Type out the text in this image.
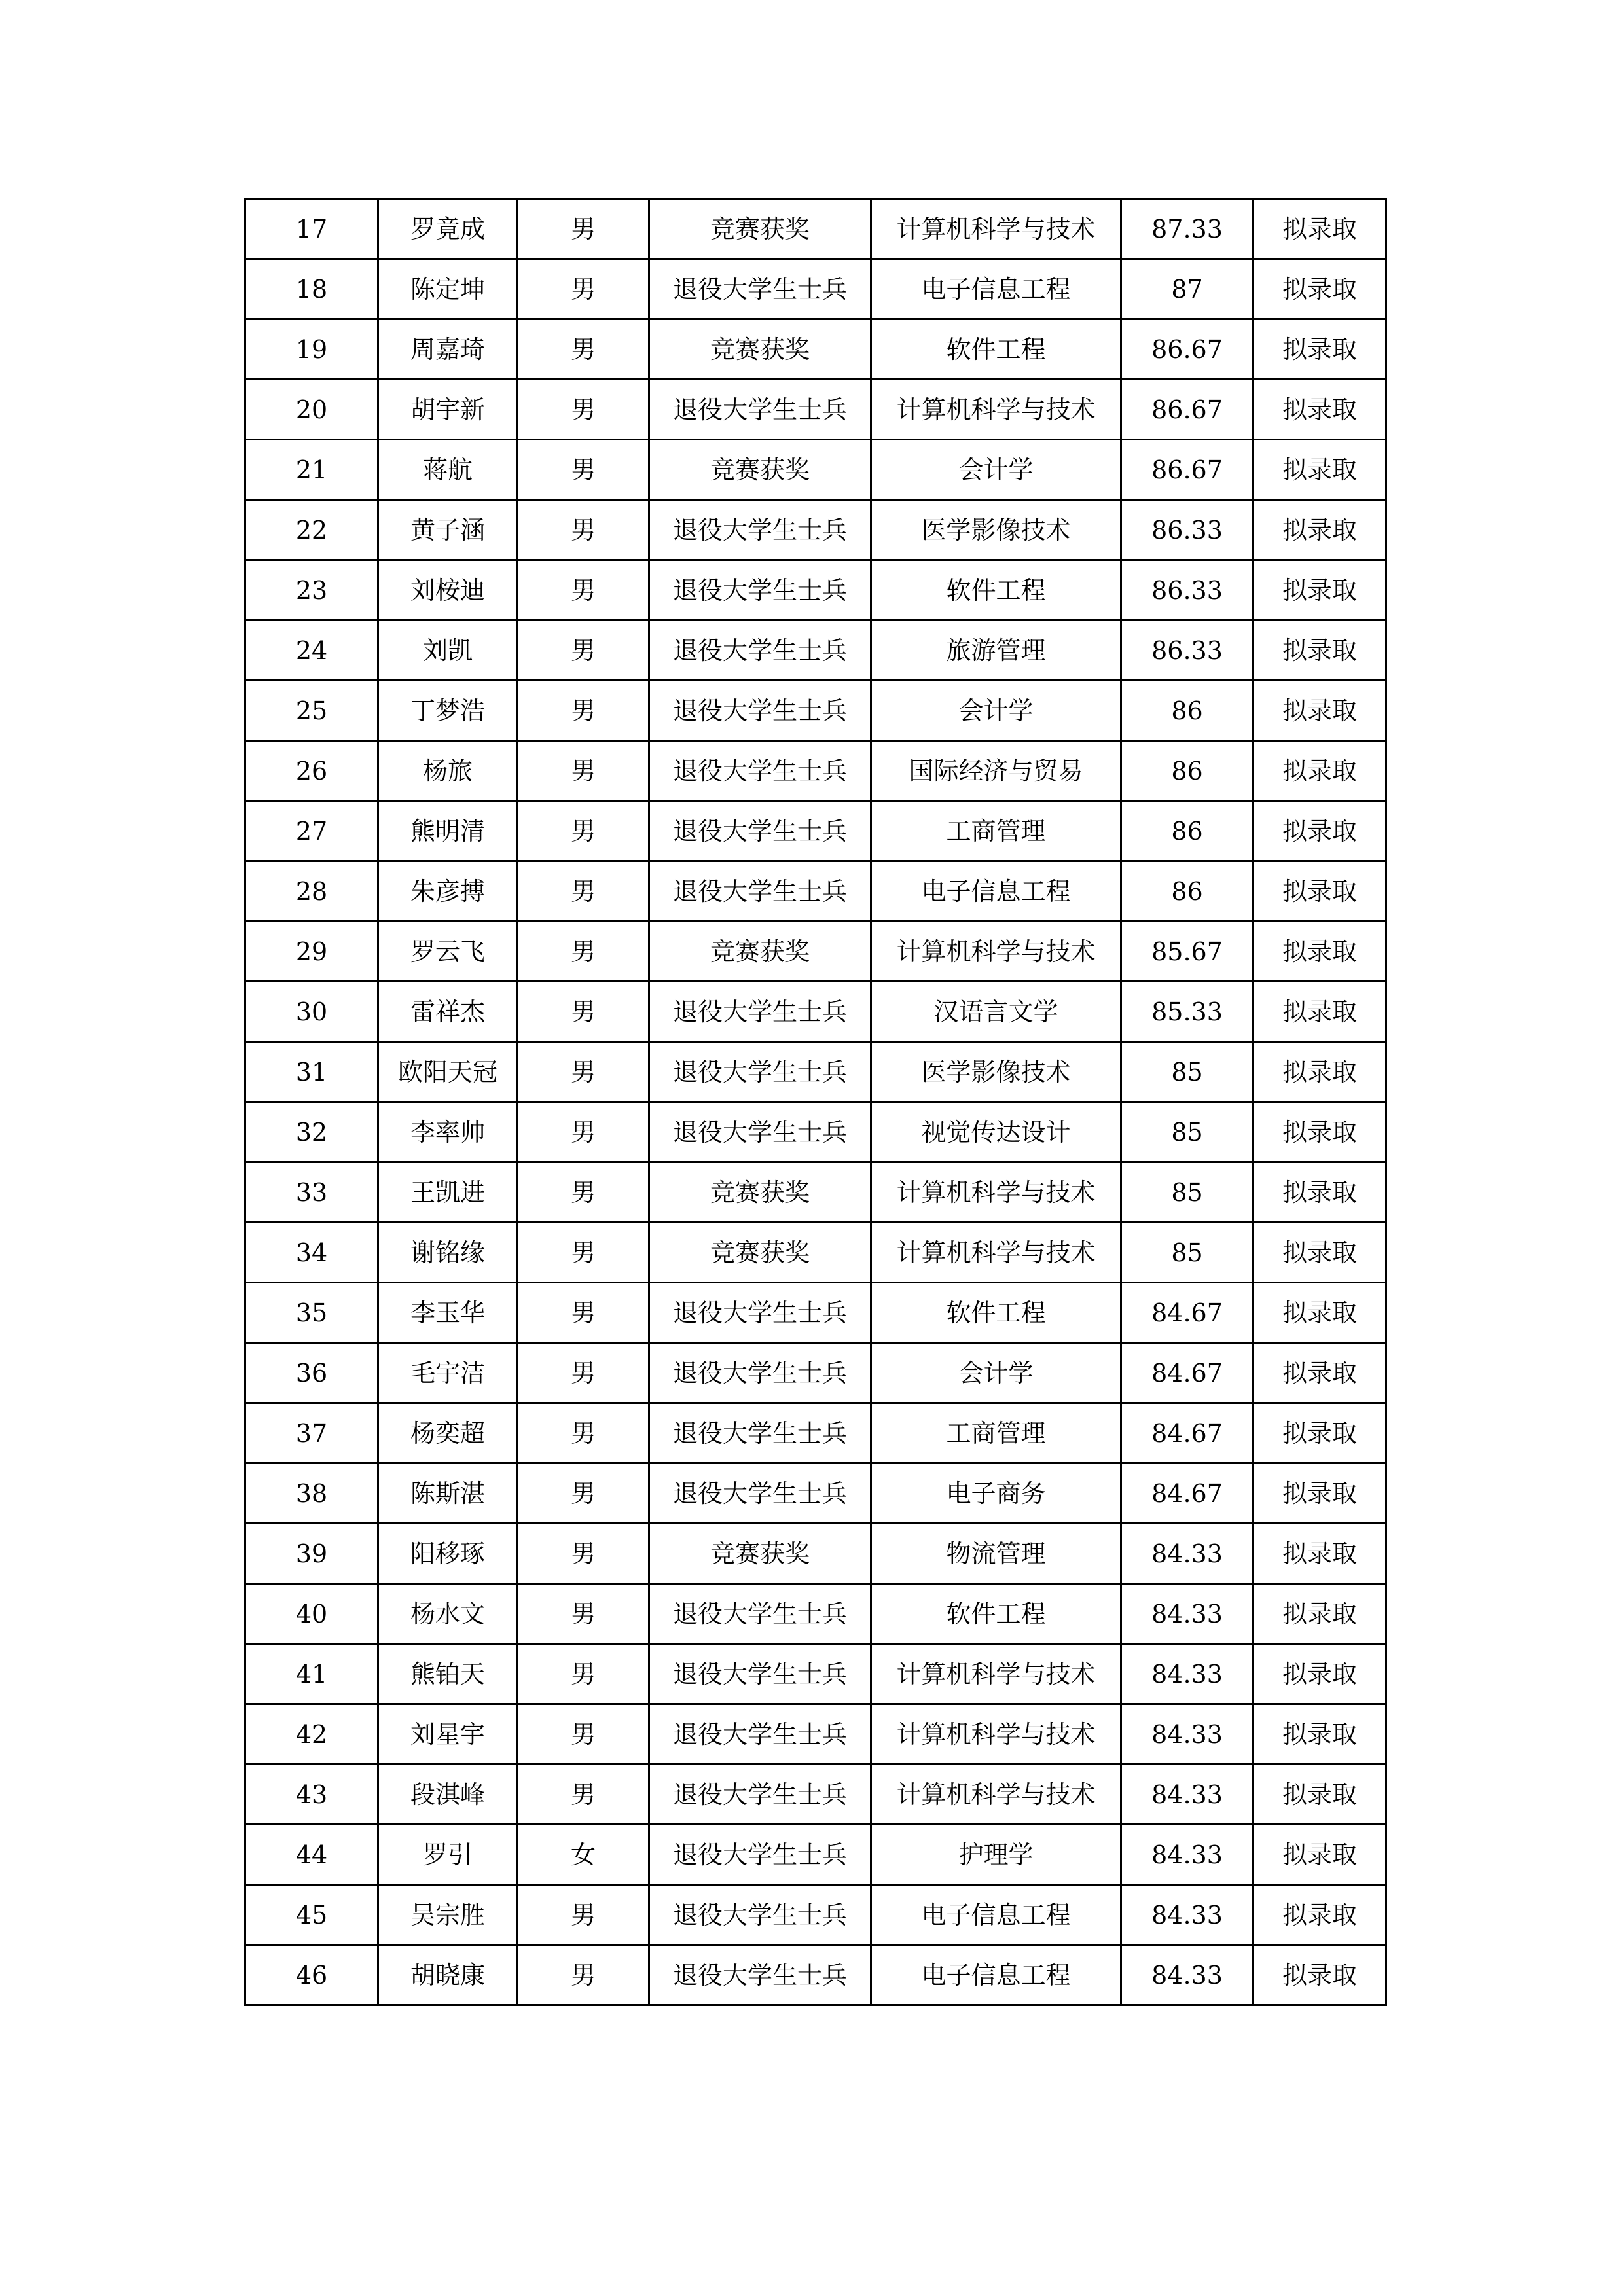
17	罗竟成	男	竞赛获奖	计算机科学与技术	87.33	拟录取
18	陈定坤	男	退役大学生士兵	电子信息工程	87	拟录取
19	周嘉琦	男	竞赛获奖	软件工程	86.67	拟录取
20	胡宇新	男	退役大学生士兵	计算机科学与技术	86.67	拟录取
21	蒋航	男	竞赛获奖	会计学	86.67	拟录取
22	黄子涵	男	退役大学生士兵	医学影像技术	86.33	拟录取
23	刘桉迪	男	退役大学生士兵	软件工程	86.33	拟录取
24	刘凯	男	退役大学生士兵	旅游管理	86.33	拟录取
25	丁梦浩	男	退役大学生士兵	会计学	86	拟录取
26	杨旅	男	退役大学生士兵	国际经济与贸易	86	拟录取
27	熊明清	男	退役大学生士兵	工商管理	86	拟录取
28	朱彦搏	男	退役大学生士兵	电子信息工程	86	拟录取
29	罗云飞	男	竞赛获奖	计算机科学与技术	85.67	拟录取
30	雷祥杰	男	退役大学生士兵	汉语言文学	85.33	拟录取
31	欧阳天冠	男	退役大学生士兵	医学影像技术	85	拟录取
32	李率帅	男	退役大学生士兵	视觉传达设计	85	拟录取
33	王凯进	男	竞赛获奖	计算机科学与技术	85	拟录取
34	谢铭缘	男	竞赛获奖	计算机科学与技术	85	拟录取
35	李玉华	男	退役大学生士兵	软件工程	84.67	拟录取
36	毛宇洁	男	退役大学生士兵	会计学	84.67	拟录取
37	杨奕超	男	退役大学生士兵	工商管理	84.67	拟录取
38	陈斯湛	男	退役大学生士兵	电子商务	84.67	拟录取
39	阳移琢	男	竞赛获奖	物流管理	84.33	拟录取
40	杨水文	男	退役大学生士兵	软件工程	84.33	拟录取
41	熊铂天	男	退役大学生士兵	计算机科学与技术	84.33	拟录取
42	刘星宇	男	退役大学生士兵	计算机科学与技术	84.33	拟录取
43	段淇峰	男	退役大学生士兵	计算机科学与技术	84.33	拟录取
44	罗引	女	退役大学生士兵	护理学	84.33	拟录取
45	吴宗胜	男	退役大学生士兵	电子信息工程	84.33	拟录取
46	胡晓康	男	退役大学生士兵	电子信息工程	84.33	拟录取
